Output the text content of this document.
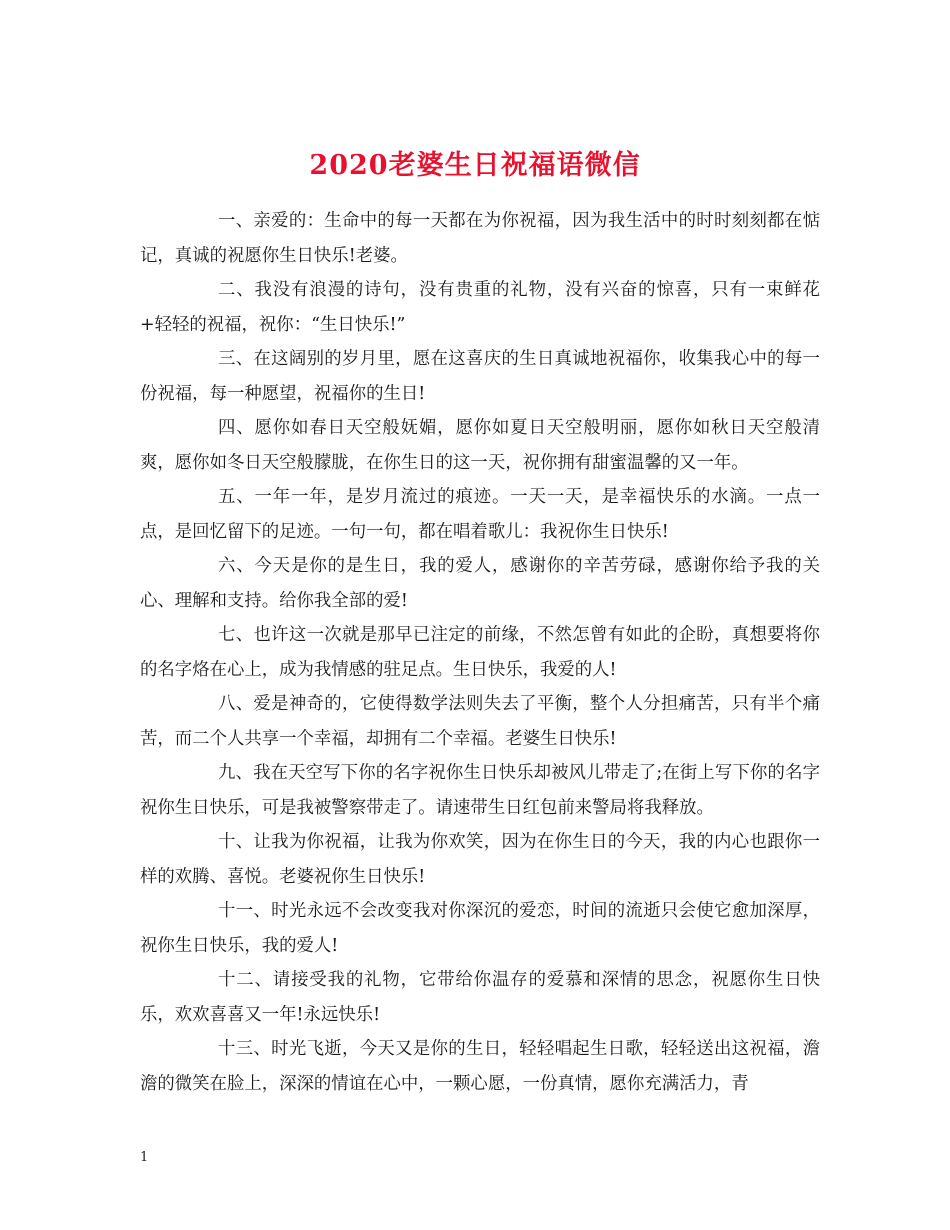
2020老婆生日祝福语微信

一、亲爱的：生命中的每一天都在为你祝福，因为我生活中的时时刻刻都在惦记，真诚的祝愿你生日快乐!老婆。

二、我没有浪漫的诗句，没有贵重的礼物，没有兴奋的惊喜，只有一束鲜花+轻轻的祝福，祝你：“生日快乐!”

三、在这阔别的岁月里，愿在这喜庆的生日真诚地祝福你，收集我心中的每一份祝福，每一种愿望，祝福你的生日!

四、愿你如春日天空般妩媚，愿你如夏日天空般明丽，愿你如秋日天空般清爽，愿你如冬日天空般朦胧，在你生日的这一天，祝你拥有甜蜜温馨的又一年。

五、一年一年，是岁月流过的痕迹。一天一天，是幸福快乐的水滴。一点一点，是回忆留下的足迹。一句一句，都在唱着歌儿：我祝你生日快乐!

六、今天是你的是生日，我的爱人，感谢你的辛苦劳碌，感谢你给予我的关心、理解和支持。给你我全部的爱!

七、也许这一次就是那早已注定的前缘，不然怎曾有如此的企盼，真想要将你的名字烙在心上，成为我情感的驻足点。生日快乐，我爱的人!

八、爱是神奇的，它使得数学法则失去了平衡，整个人分担痛苦，只有半个痛苦，而二个人共享一个幸福，却拥有二个幸福。老婆生日快乐!

九、我在天空写下你的名字祝你生日快乐却被风儿带走了;在街上写下你的名字祝你生日快乐，可是我被警察带走了。请速带生日红包前来警局将我释放。

十、让我为你祝福，让我为你欢笑，因为在你生日的今天，我的内心也跟你一样的欢腾、喜悦。老婆祝你生日快乐!

十一、时光永远不会改变我对你深沉的爱恋，时间的流逝只会使它愈加深厚，祝你生日快乐，我的爱人!

十二、请接受我的礼物，它带给你温存的爱慕和深情的思念，祝愿你生日快乐，欢欢喜喜又一年!永远快乐!

十三、时光飞逝，今天又是你的生日，轻轻唱起生日歌，轻轻送出这祝福，澹澹的微笑在脸上，深深的情谊在心中，一颗心愿，一份真情，愿你充满活力，青

1
